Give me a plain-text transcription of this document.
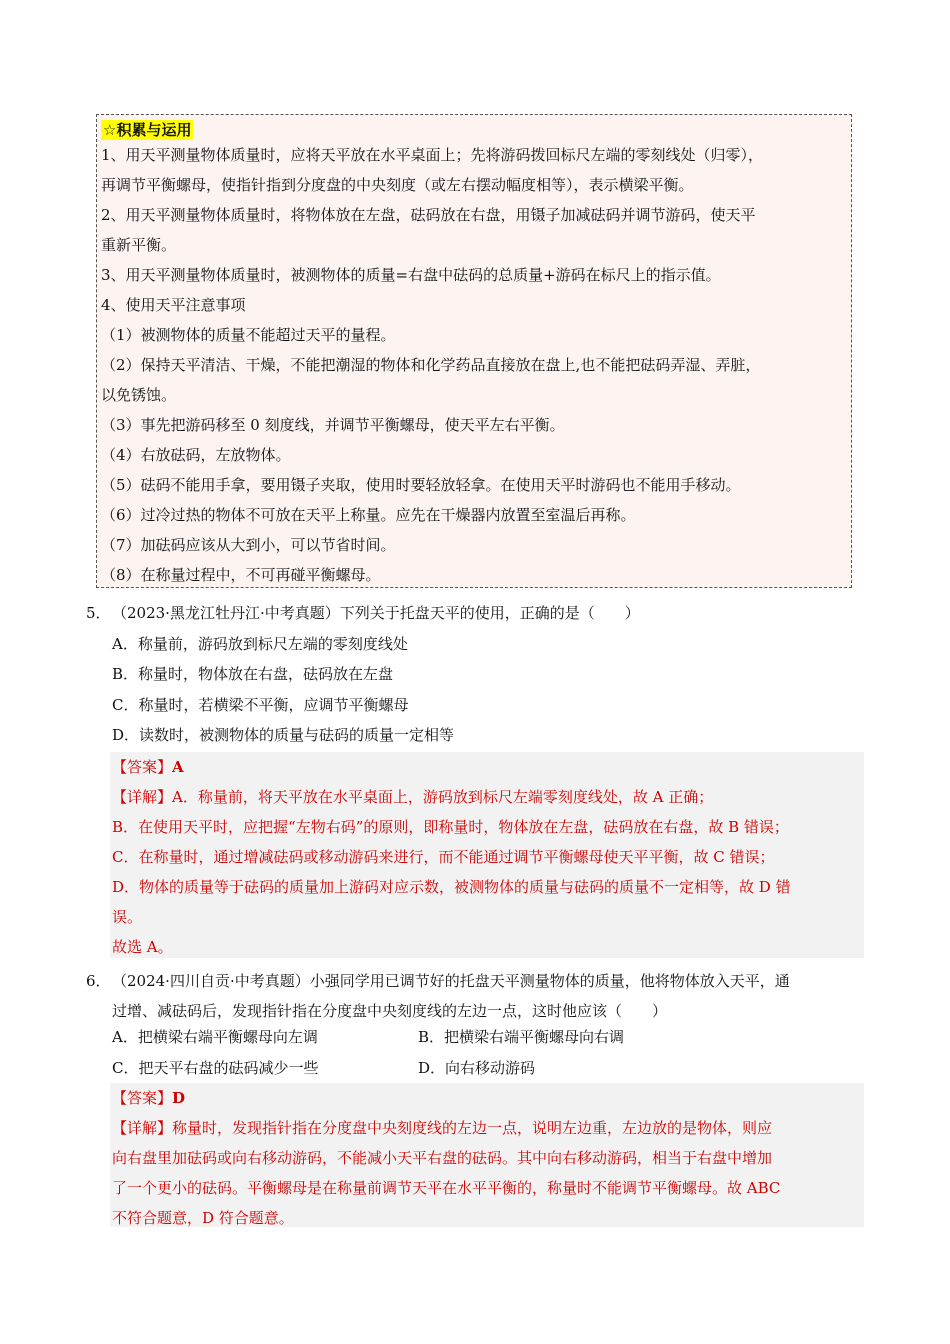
☆积累与运用

1、用天平测量物体质量时，应将天平放在水平桌面上；先将游码拨回标尺左端的零刻线处（归零），

再调节平衡螺母，使指针指到分度盘的中央刻度（或左右摆动幅度相等），表示横梁平衡。

2、用天平测量物体质量时，将物体放在左盘，砝码放在右盘，用镊子加减砝码并调节游码，使天平

重新平衡。

3、用天平测量物体质量时，被测物体的质量=右盘中砝码的总质量+游码在标尺上的指示值。

4、使用天平注意事项

（1）被测物体的质量不能超过天平的量程。

（2）保持天平清洁、干燥，不能把潮湿的物体和化学药品直接放在盘上,也不能把砝码弄湿、弄脏，

以免锈蚀。

（3）事先把游码移至 0 刻度线，并调节平衡螺母，使天平左右平衡。

（4）右放砝码，左放物体。

（5）砝码不能用手拿，要用镊子夹取，使用时要轻放轻拿。在使用天平时游码也不能用手移动。

（6）过冷过热的物体不可放在天平上称量。应先在干燥器内放置至室温后再称。

（7）加砝码应该从大到小，可以节省时间。

（8）在称量过程中，不可再碰平衡螺母。

5．（2023·黑龙江牡丹江·中考真题）下列关于托盘天平的使用，正确的是（　　）
A．称量前，游码放到标尺左端的零刻度线处
B．称量时，物体放在右盘，砝码放在左盘
C．称量时，若横梁不平衡，应调节平衡螺母
D．读数时，被测物体的质量与砝码的质量一定相等

【答案】A

【详解】A．称量前，将天平放在水平桌面上，游码放到标尺左端零刻度线处，故 A 正确；

B．在使用天平时，应把握“左物右码”的原则，即称量时，物体放在左盘，砝码放在右盘，故 B 错误；

C．在称量时，通过增减砝码或移动游码来进行，而不能通过调节平衡螺母使天平平衡，故 C 错误；

D．物体的质量等于砝码的质量加上游码对应示数，被测物体的质量与砝码的质量不一定相等，故 D 错

误。

故选 A。

6．（2024·四川自贡·中考真题）小强同学用已调节好的托盘天平测量物体的质量，他将物体放入天平，通
过增、减砝码后，发现指针指在分度盘中央刻度线的左边一点，这时他应该（　　）
A．把横梁右端平衡螺母向左调	B．把横梁右端平衡螺母向右调
C．把天平右盘的砝码减少一些	D．向右移动游码

【答案】D

【详解】称量时，发现指针指在分度盘中央刻度线的左边一点，说明左边重，左边放的是物体，则应

向右盘里加砝码或向右移动游码，不能减小天平右盘的砝码。其中向右移动游码，相当于右盘中增加

了一个更小的砝码。平衡螺母是在称量前调节天平在水平平衡的，称量时不能调节平衡螺母。故 ABC

不符合题意，D 符合题意。
